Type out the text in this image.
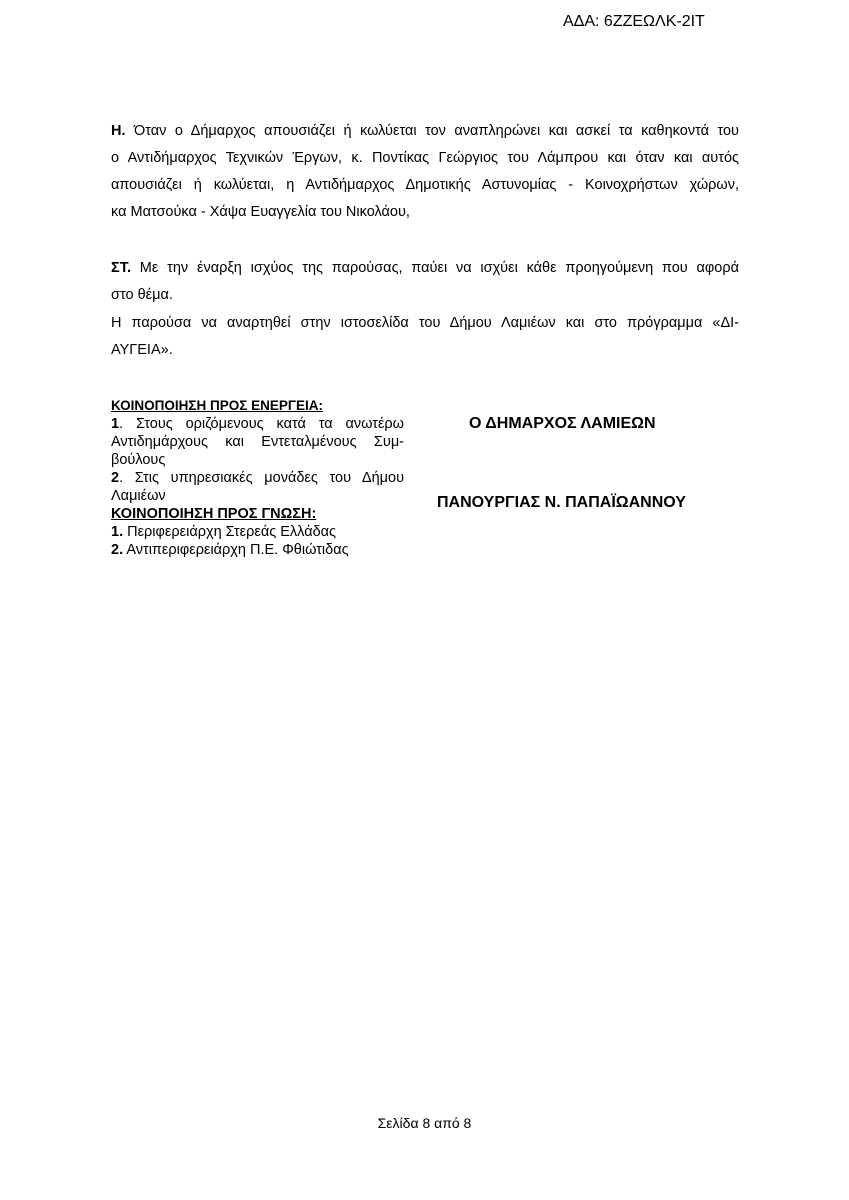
ΑΔΑ: 6ΖΖΕΩΛΚ-2ΙΤ
Η. Όταν ο Δήμαρχος απουσιάζει ή κωλύεται τον αναπληρώνει και ασκεί τα καθηκοντά του
ο Αντιδήμαρχος Τεχνικών Έργων, κ. Ποντίκας Γεώργιος του Λάμπρου και όταν και αυτός
απουσιάζει ή κωλύεται, η Αντιδήμαρχος Δημοτικής Αστυνομίας - Κοινοχρήστων χώρων,
κα Ματσούκα - Χάψα Ευαγγελία του Νικολάου,
ΣΤ. Με την έναρξη ισχύος της παρούσας, παύει να ισχύει κάθε προηγούμενη που αφορά
στο θέμα.
Η παρούσα να αναρτηθεί στην ιστοσελίδα του Δήμου Λαμιέων και στο πρόγραμμα «ΔΙ-
ΑΥΓΕΙΑ».
ΚΟΙΝΟΠΟΙΗΣΗ ΠΡΟΣ ΕΝΕΡΓΕΙΑ:
1. Στους οριζόμενους κατά τα ανωτέρω
Αντιδημάρχους και Εντεταλμένους Συμ-
βούλους
2. Στις υπηρεσιακές μονάδες του Δήμου
Λαμιέων
ΚΟΙΝΟΠΟΙΗΣΗ ΠΡΟΣ ΓΝΩΣΗ:
1. Περιφερειάρχη Στερεάς Ελλάδας
2. Αντιπεριφερειάρχη Π.Ε. Φθιώτιδας
Ο ΔΗΜΑΡΧΟΣ ΛΑΜΙΕΩΝ
ΠΑΝΟΥΡΓΙΑΣ Ν. ΠΑΠΑΪΩΑΝΝΟΥ
Σελίδα 8 από 8
